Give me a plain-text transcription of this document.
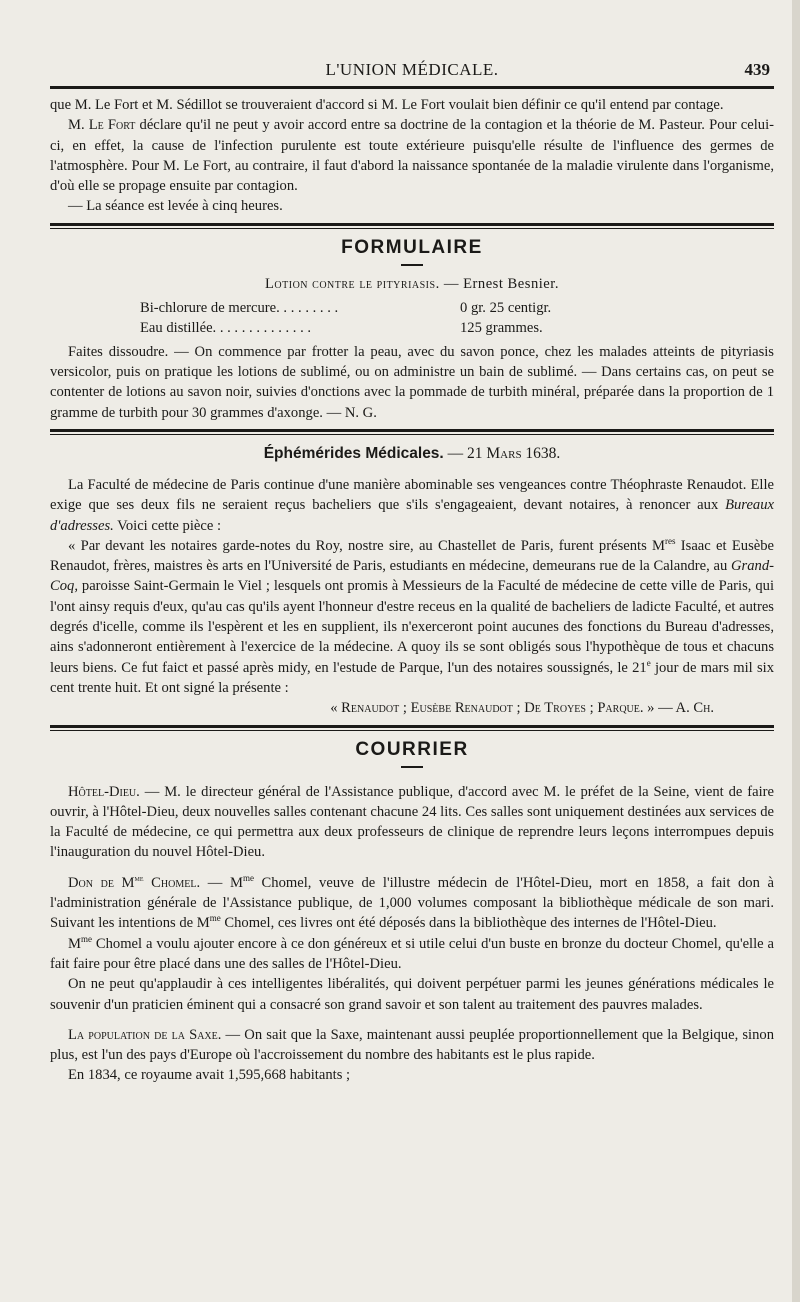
L'UNION MÉDICALE.	439

que M. Le Fort et M. Sédillot se trouveraient d'accord si M. Le Fort voulait bien définir ce qu'il entend par contage.

M. Le Fort déclare qu'il ne peut y avoir accord entre sa doctrine de la contagion et la théorie de M. Pasteur. Pour celui-ci, en effet, la cause de l'infection purulente est toute extérieure puisqu'elle résulte de l'influence des germes de l'atmosphère. Pour M. Le Fort, au contraire, il faut d'abord la naissance spontanée de la maladie virulente dans l'organisme, d'où elle se propage ensuite par contagion.

— La séance est levée à cinq heures.

FORMULAIRE
Lotion contre le pityriasis. — Ernest Besnier.
Bi-chlorure de mercure. . . . . . . . .	0 gr. 25 centigr.
Eau distillée. . . . . . . . . . . . . .	125 grammes.

Faites dissoudre. — On commence par frotter la peau, avec du savon ponce, chez les malades atteints de pityriasis versicolor, puis on pratique les lotions de sublimé, ou on administre un bain de sublimé. — Dans certains cas, on peut se contenter de lotions au savon noir, suivies d'onctions avec la pommade de turbith minéral, préparée dans la proportion de 1 gramme de turbith pour 30 grammes d'axonge. — N. G.

Éphémérides Médicales. — 21 Mars 1638.

La Faculté de médecine de Paris continue d'une manière abominable ses vengeances contre Théophraste Renaudot. Elle exige que ses deux fils ne seraient reçus bacheliers que s'ils s'engageaient, devant notaires, à renoncer aux Bureaux d'adresses. Voici cette pièce :

« Par devant les notaires garde-notes du Roy, nostre sire, au Chastellet de Paris, furent présents Mres Isaac et Eusèbe Renaudot, frères, maistres ès arts en l'Université de Paris, estudiants en médecine, demeurans rue de la Calandre, au Grand-Coq, paroisse Saint-Germain le Viel ; lesquels ont promis à Messieurs de la Faculté de médecine de cette ville de Paris, qui l'ont ainsy requis d'eux, qu'au cas qu'ils ayent l'honneur d'estre receus en la qualité de bacheliers de ladicte Faculté, et autres degrés d'icelle, comme ils l'espèrent et les en supplient, ils n'exerceront point aucunes des fonctions du Bureau d'adresses, ains s'adonneront entièrement à l'exercice de la médecine. A quoy ils se sont obligés sous l'hypothèque de tous et chacuns leurs biens. Ce fut faict et passé après midy, en l'estude de Parque, l'un des notaires soussignés, le 21e jour de mars mil six cent trente huit. Et ont signé la présente :

« Renaudot ; Eusèbe Renaudot ; De Troyes ; Parque. » — A. Ch.

COURRIER

Hôtel-Dieu. — M. le directeur général de l'Assistance publique, d'accord avec M. le préfet de la Seine, vient de faire ouvrir, à l'Hôtel-Dieu, deux nouvelles salles contenant chacune 24 lits. Ces salles sont uniquement destinées aux services de la Faculté de médecine, ce qui permettra aux deux professeurs de clinique de reprendre leurs leçons interrompues depuis l'inauguration du nouvel Hôtel-Dieu.

Don de $M^{me}$ Chomel. — $M^{me}$ Chomel, veuve de l'illustre médecin de l'Hôtel-Dieu, mort en 1858, a fait don à l'administration générale de l'Assistance publique, de 1,000 volumes composant la bibliothèque médicale de son mari. Suivant les intentions de $M^{me}$ Chomel, ces livres ont été déposés dans la bibliothèque des internes de l'Hôtel-Dieu.

$M^{me}$ Chomel a voulu ajouter encore à ce don généreux et si utile celui d'un buste en bronze du docteur Chomel, qu'elle a fait faire pour être placé dans une des salles de l'Hôtel-Dieu.

On ne peut qu'applaudir à ces intelligentes libéralités, qui doivent perpétuer parmi les jeunes générations médicales le souvenir d'un praticien éminent qui a consacré son grand savoir et son talent au traitement des pauvres malades.

La population de la Saxe. — On sait que la Saxe, maintenant aussi peuplée proportionnellement que la Belgique, sinon plus, est l'un des pays d'Europe où l'accroissement du nombre des habitants est le plus rapide.

En 1834, ce royaume avait 1,595,668 habitants ;
